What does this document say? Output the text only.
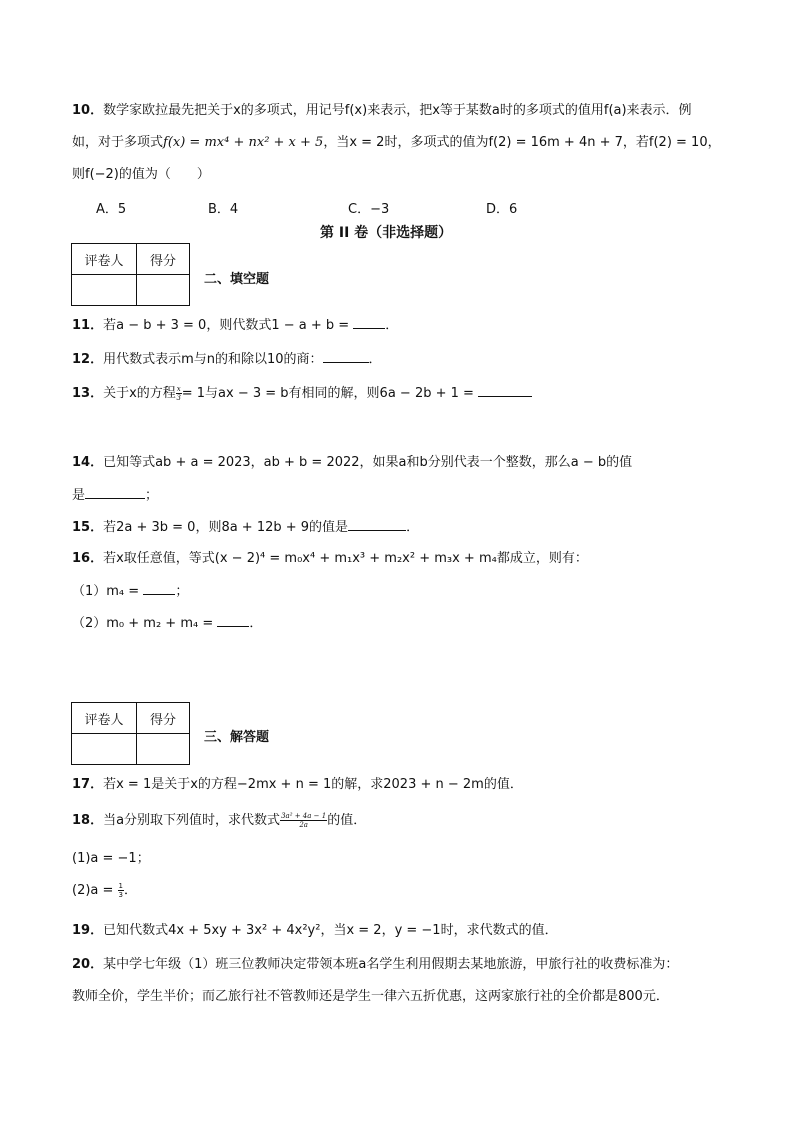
10．数学家欧拉最先把关于x的多项式，用记号f(x)来表示，把x等于某数a时的多项式的值用f(a)来表示．例
如，对于多项式f(x) = mx⁴ + nx² + x + 5，当x = 2时，多项式的值为f(2) = 16m + 4n + 7，若f(2) = 10，
则f(−2)的值为（　　）
A．5	B．4	C．−3	D．6
第 II 卷（非选择题）
评卷人	得分

二、填空题
11．若a − b + 3 = 0，则代数式1 − a + b = ．
12．用代数式表示m与n的和除以10的商：	．
13．关于x的方程 $\frac{x}{3} = 1$与ax − 3 = b有相同的解，则6a − 2b + 1 =
14．已知等式ab + a = 2023，ab + b = 2022，如果a和b分别代表一个整数，那么a − b的值
是	；
15．若2a + 3b = 0，则8a + 12b + 9的值是	．
16．若x取任意值，等式(x − 2)⁴ = m₀x⁴ + m₁x³ + m₂x² + m₃x + m₄都成立，则有：
（1）m₄ = ；
（2）m₀ + m₂ + m₄ = ．
评卷人	得分

三、解答题
17．若x = 1是关于x的方程−2mx + n = 1的解，求2023 + n − 2m的值．
18．当a分别取下列值时，求代数式 $\frac{\text{3a² + 4a − 1}}{2a}$ 的值．
(1)a = −1；
$(2)a = \frac{1}{3}$ ．
19．已知代数式4x + 5xy + 3x² + 4x²y²，当x = 2，y = −1时，求代数式的值．
20．某中学七年级（1）班三位教师决定带领本班a名学生利用假期去某地旅游，甲旅行社的收费标准为：
教师全价，学生半价；而乙旅行社不管教师还是学生一律六五折优惠，这两家旅行社的全价都是800元．
